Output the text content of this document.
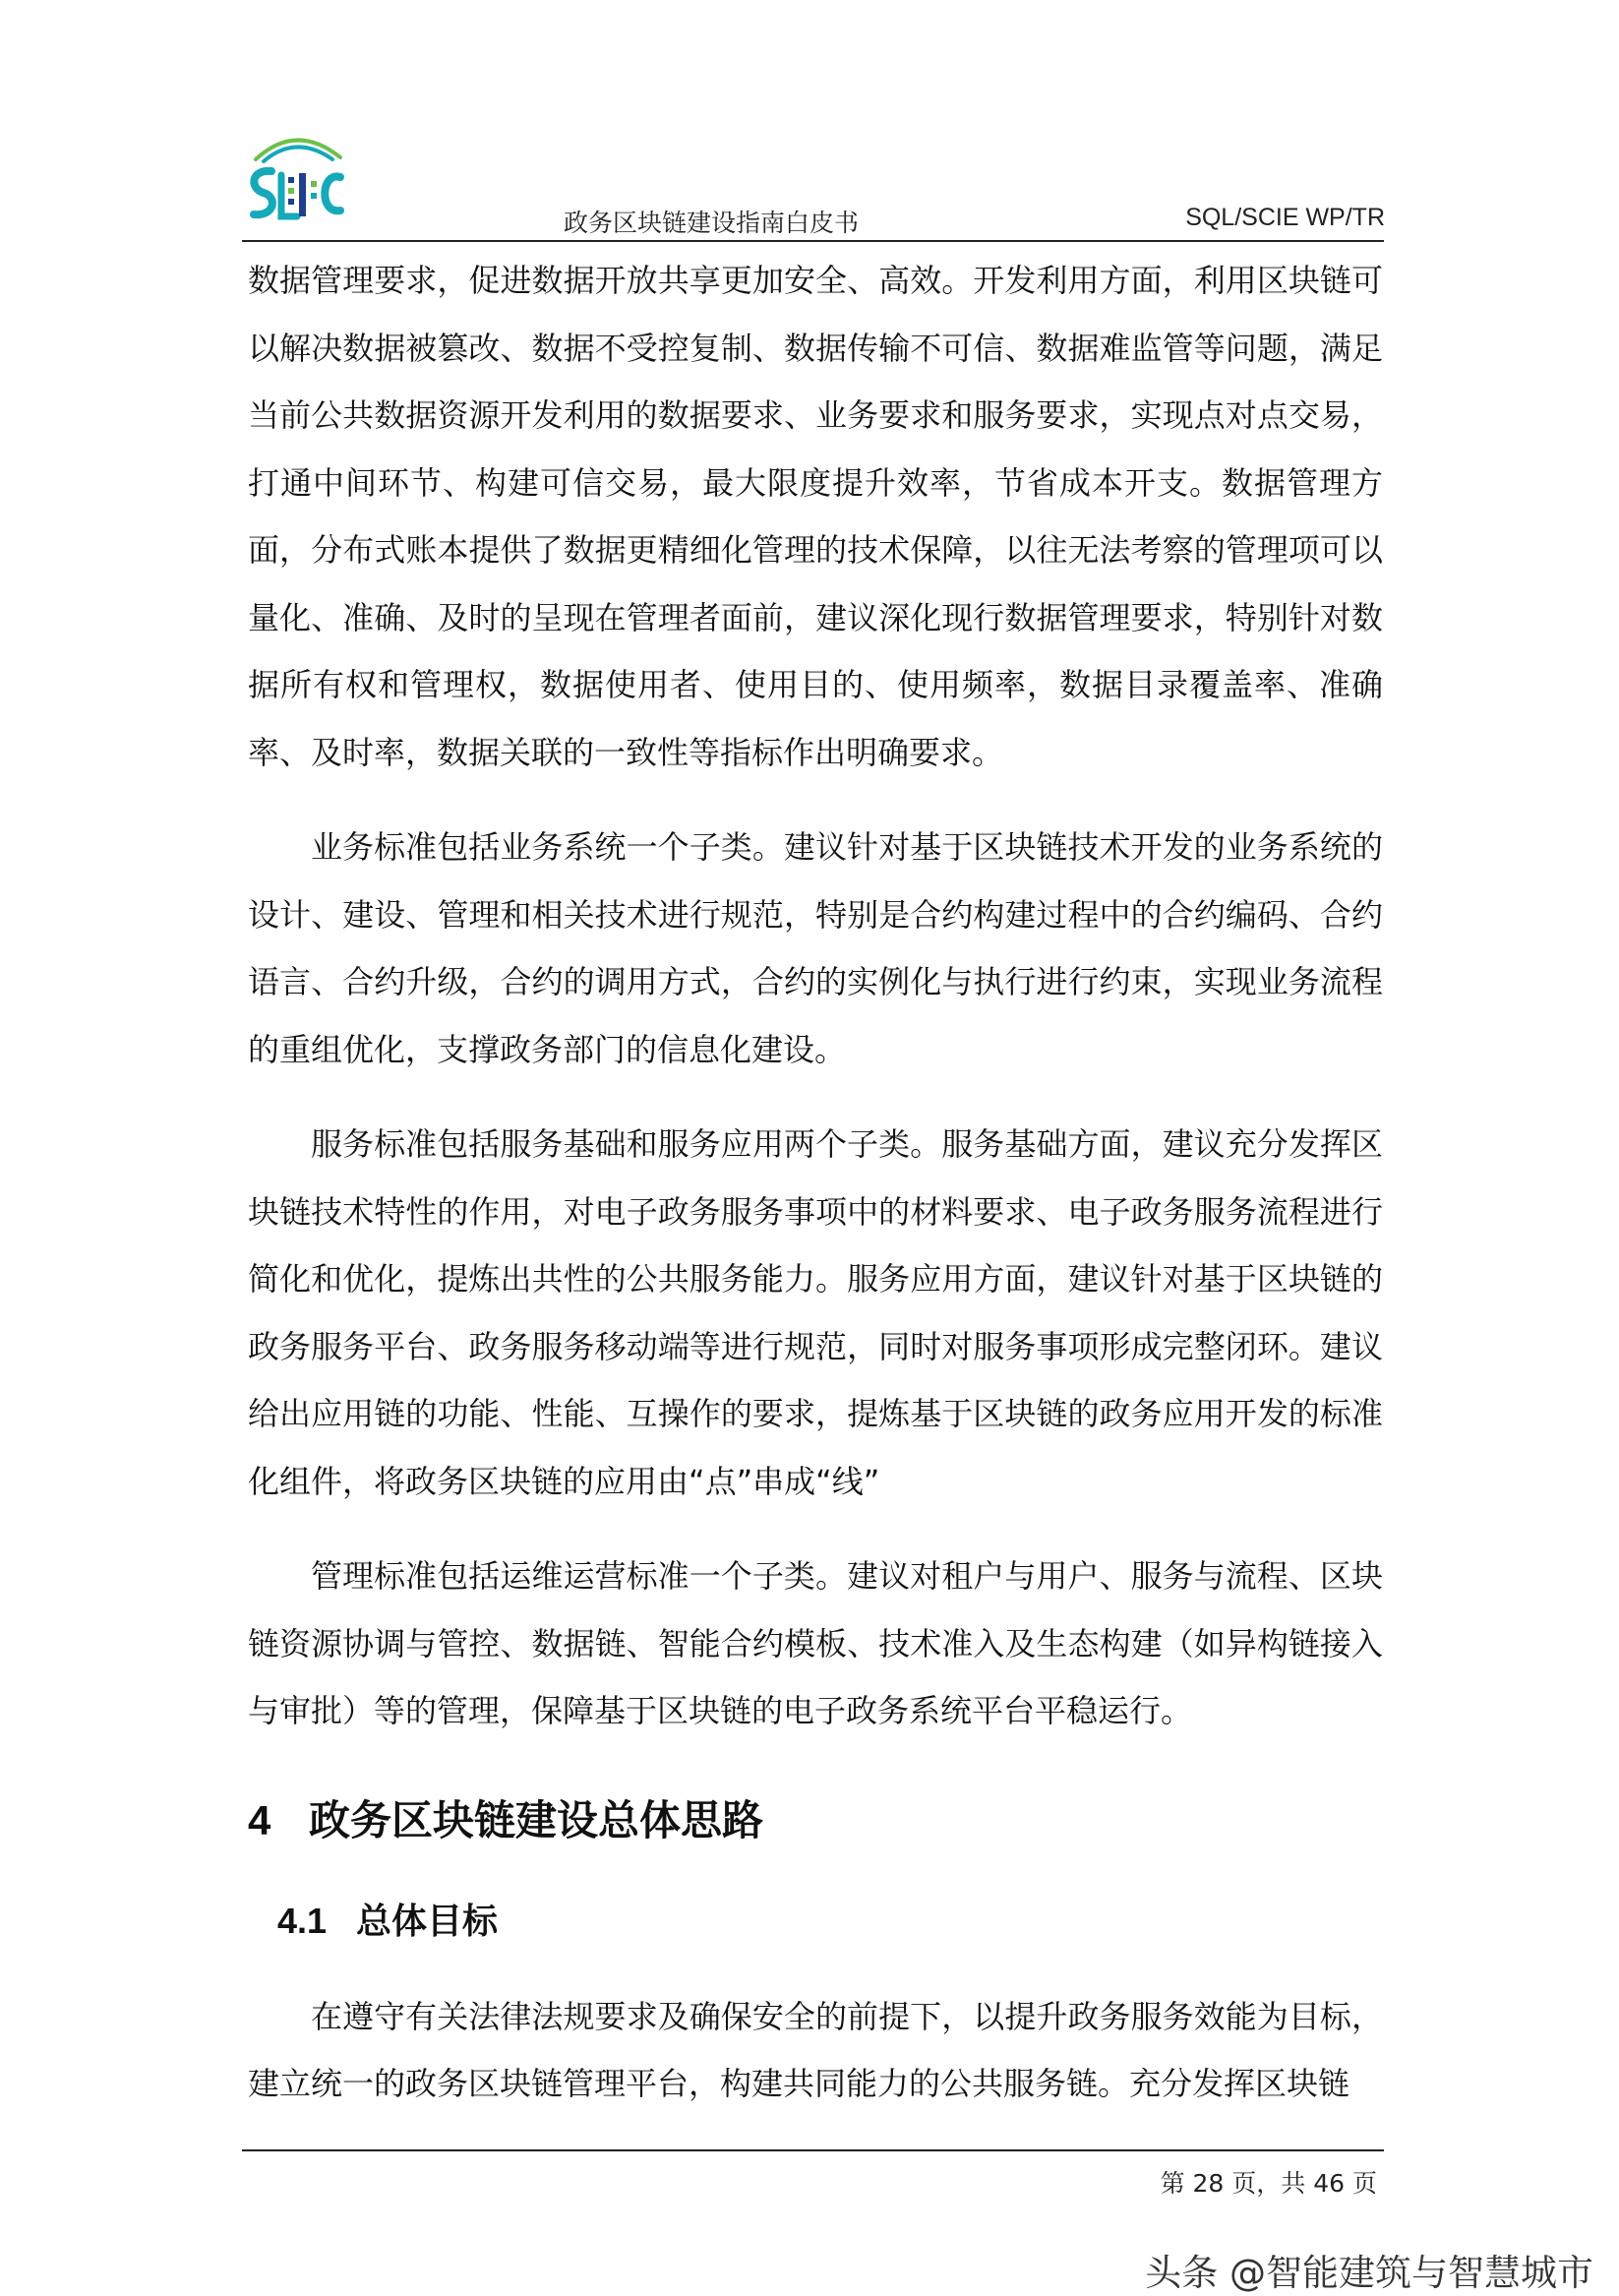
政务区块链建设指南白皮书	SQL/SCIE WP/TR

数据管理要求，促进数据开放共享更加安全、高效。开发利用方面，利用区块链可以解决数据被篡改、数据不受控复制、数据传输不可信、数据难监管等问题，满足当前公共数据资源开发利用的数据要求、业务要求和服务要求，实现点对点交易，打通中间环节、构建可信交易，最大限度提升效率，节省成本开支。数据管理方面，分布式账本提供了数据更精细化管理的技术保障，以往无法考察的管理项可以量化、准确、及时的呈现在管理者面前，建议深化现行数据管理要求，特别针对数据所有权和管理权，数据使用者、使用目的、使用频率，数据目录覆盖率、准确率、及时率，数据关联的一致性等指标作出明确要求。

业务标准包括业务系统一个子类。建议针对基于区块链技术开发的业务系统的设计、建设、管理和相关技术进行规范，特别是合约构建过程中的合约编码、合约语言、合约升级，合约的调用方式，合约的实例化与执行进行约束，实现业务流程的重组优化，支撑政务部门的信息化建设。

服务标准包括服务基础和服务应用两个子类。服务基础方面，建议充分发挥区块链技术特性的作用，对电子政务服务事项中的材料要求、电子政务服务流程进行简化和优化，提炼出共性的公共服务能力。服务应用方面，建议针对基于区块链的政务服务平台、政务服务移动端等进行规范，同时对服务事项形成完整闭环。建议给出应用链的功能、性能、互操作的要求，提炼基于区块链的政务应用开发的标准化组件，将政务区块链的应用由“点”串成“线”

管理标准包括运维运营标准一个子类。建议对租户与用户、服务与流程、区块链资源协调与管控、数据链、智能合约模板、技术准入及生态构建（如异构链接入与审批）等的管理，保障基于区块链的电子政务系统平台平稳运行。

4 政务区块链建设总体思路
4.1 总体目标

在遵守有关法律法规要求及确保安全的前提下，以提升政务服务效能为目标，建立统一的政务区块链管理平台，构建共同能力的公共服务链。充分发挥区块链

第 28 页，共 46 页
头条 @智能建筑与智慧城市
